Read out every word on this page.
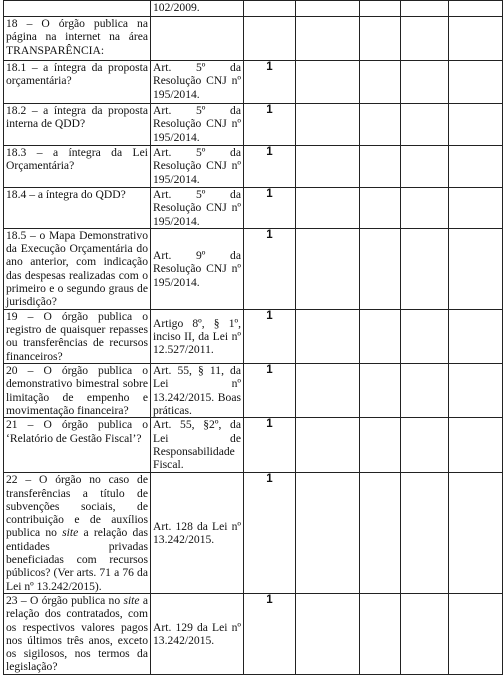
	102/2009.					
18 – O órgão publica na página na internet na área TRANSPARÊNCIA:						
18.1 – a íntegra da proposta orçamentária?	Art. 5º da Resolução CNJ nº 195/2014.	1				
18.2 – a íntegra da proposta interna de QDD?	Art. 5º da Resolução CNJ nº 195/2014.	1				
18.3 – a íntegra da Lei Orçamentária?	Art. 5º da Resolução CNJ nº 195/2014.	1				
18.4 – a íntegra do QDD?	Art. 5º da Resolução CNJ nº 195/2014.	1				
18.5 – o Mapa Demonstrativo da Execução Orçamentária do ano anterior, com indicação das despesas realizadas com o primeiro e o segundo graus de jurisdição?	Art. 9º da Resolução CNJ nº 195/2014.	1				
19 – O órgão publica o registro de quaisquer repasses ou transferências de recursos financeiros?	Artigo 8º, § 1º, inciso II, da Lei nº 12.527/2011.	1				
20 – O órgão publica o demonstrativo bimestral sobre limitação de empenho e movimentação financeira?	Art. 55, § 11, da Lei nº 13.242/2015. Boas práticas.	1				
21 – O órgão publica o ‘Relatório de Gestão Fiscal’?	Art. 55, §2º, da Lei de Responsabilidade Fiscal.	1				
22 – O órgão no caso de transferências a título de subvenções sociais, de contribuição e de auxílios publica no site a relação das entidades privadas beneficiadas com recursos públicos? (Ver arts. 71 a 76 da Lei nº 13.242/2015).	Art. 128 da Lei nº 13.242/2015.	1				
23 – O órgão publica no site a relação dos contratados, com os respectivos valores pagos nos últimos três anos, exceto os sigilosos, nos termos da legislação?	Art. 129 da Lei nº 13.242/2015.	1				
